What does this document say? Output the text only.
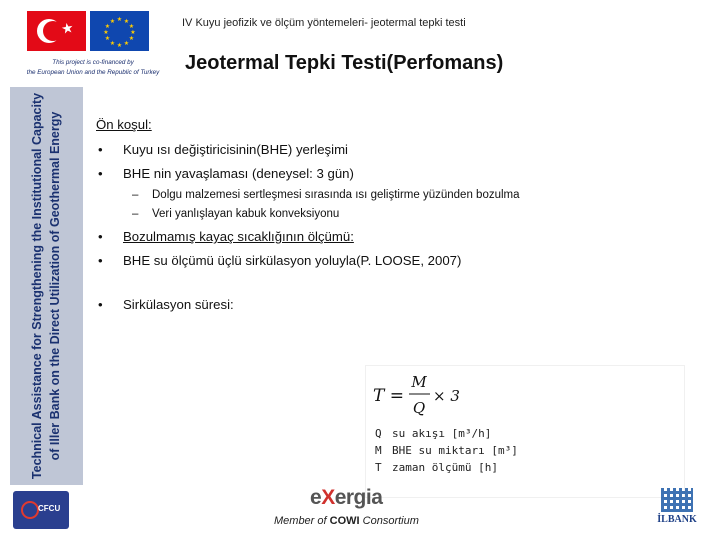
★	★ ★
★
★
★
★
★
★
★
★
★
★
This project is co-financed by
the European Union and the Republic of Turkey
IV Kuyu jeofizik ve ölçüm yöntemeleri- jeotermal tepki testi
Jeotermal Tepki Testi(Perfomans)
Technical Assistance for Strengthening the Institutional Capacity of Iller Bank on the Direct Utilization of Geothermal Energy	Ön koşul:
• Kuyu ısı değiştiricisinin(BHE) yerleşimi
• BHE nin yavaşlaması (deneysel: 3 gün)
– Dolgu malzemesi sertleşmesi sırasında ısı geliştirme yüzünden bozulma
– Veri yanlışlayan kabuk konveksiyonu
• Bozulmamış kayaç sıcaklığının ölçümü:
• BHE su ölçümü üçlü sirkülasyon yoluyla(P. LOOSE, 2007)
• Sirkülasyon süresi:
T =
M
Q
× 3
Q su akışı [m³/h]
M BHE su miktarı [m³]
T zaman ölçümü [h]
CFCU	eXergia
Member of COWI Consortium	İLBANK
